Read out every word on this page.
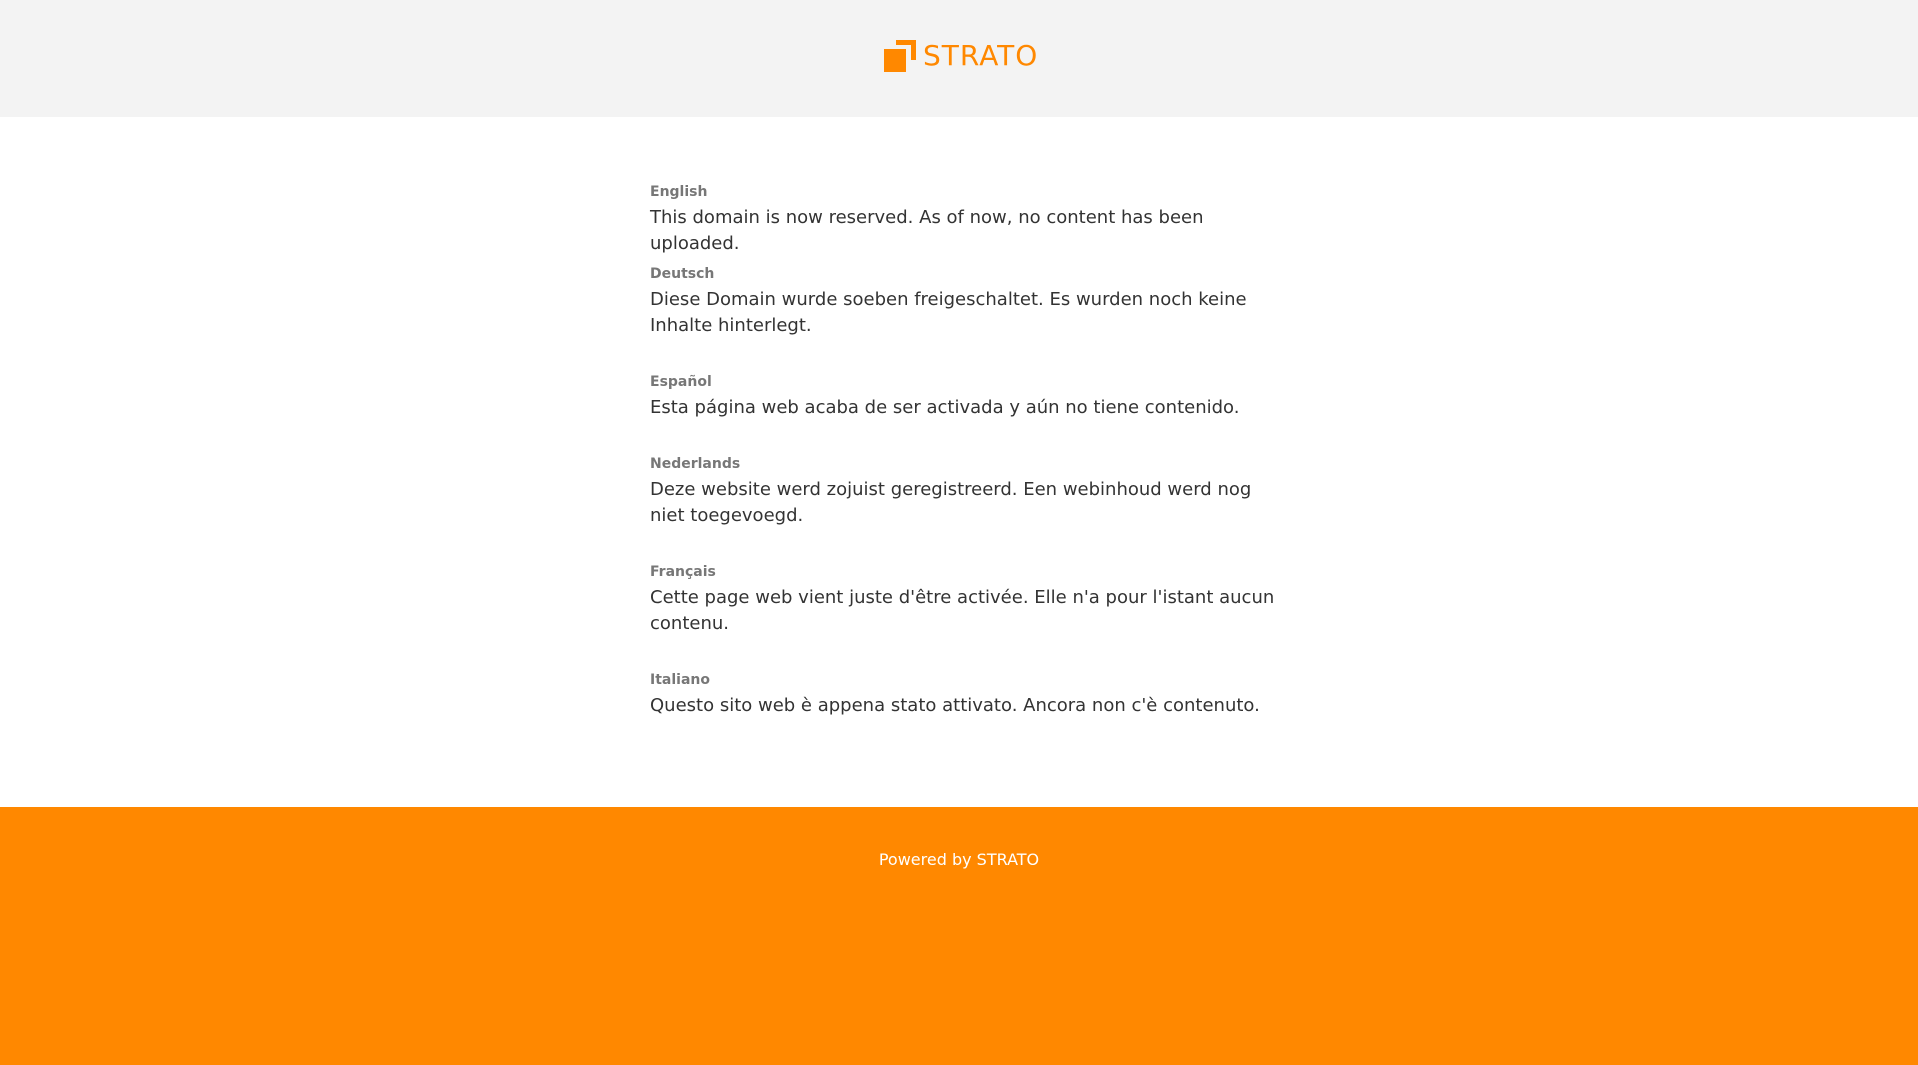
STRATO
English
This domain is now reserved. As of now, no content has been uploaded.
Deutsch
Diese Domain wurde soeben freigeschaltet. Es wurden noch keine Inhalte hinterlegt.
Español
Esta página web acaba de ser activada y aún no tiene contenido.
Nederlands
Deze website werd zojuist geregistreerd. Een webinhoud werd nog niet toegevoegd.
Français
Cette page web vient juste d'être activée. Elle n'a pour l'istant aucun contenu.
Italiano
Questo sito web è appena stato attivato. Ancora non c'è contenuto.
Powered by STRATO
